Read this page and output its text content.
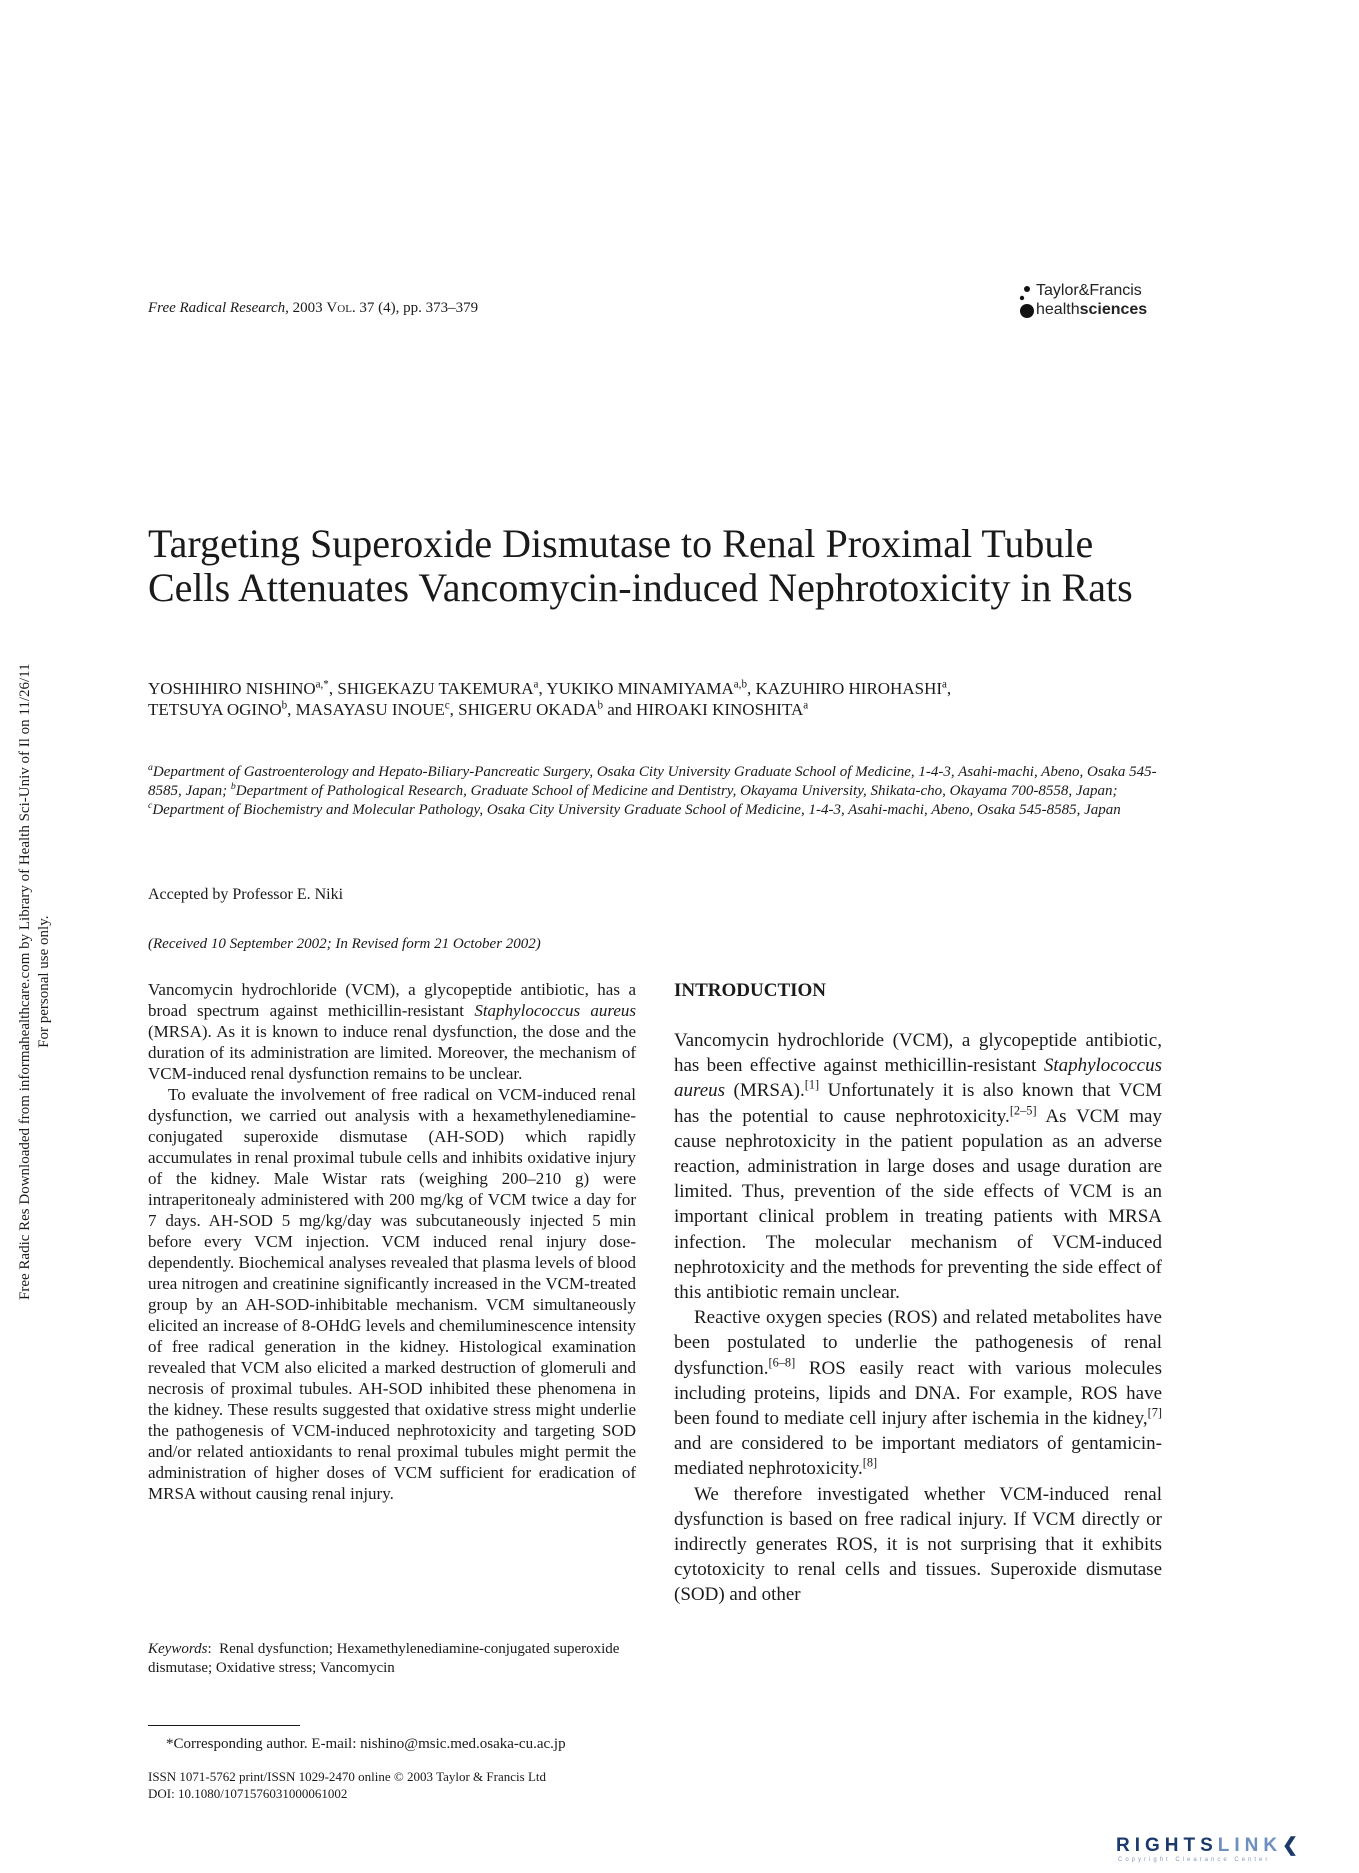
Free Radic Res Downloaded from informahealthcare.com by Library of Health Sci-Univ of Il on 11/26/11 For personal use only.
Free Radical Research, 2003 Vol. 37 (4), pp. 373–379
Taylor&Francis
healthsciences
Targeting Superoxide Dismutase to Renal Proximal Tubule Cells Attenuates Vancomycin-induced Nephrotoxicity in Rats
YOSHIHIRO $NISHINO^{a,*}$, SHIGEKAZU TAKEMURA$^a$, YUKIKO MINAMIYAMA$^{a,b}$, KAZUHIRO HIROHASHI$^a$,
TETSUYA OGINO$^b$, MASAYASU INOUE$^c$, SHIGERU OKADA$^b$ and HIROAKI KINOSHITA$^a$
$^a$Department of Gastroenterology and Hepato-Biliary-Pancreatic Surgery, Osaka City University Graduate School of Medicine, 1-4-3, Asahi-machi, Abeno, Osaka 545-8585, Japan; $^b$Department of Pathological Research, Graduate School of Medicine and Dentistry, Okayama University, Shikata-cho, Okayama 700-8558, Japan; $^c$Department of Biochemistry and Molecular Pathology, Osaka City University Graduate School of Medicine, 1-4-3, Asahi-machi, Abeno, Osaka 545-8585, Japan
Accepted by Professor E. Niki
(Received 10 September 2002; In Revised form 21 October 2002)

Vancomycin hydrochloride (VCM), a glycopeptide antibiotic, has a broad spectrum against methicillin-resistant Staphylococcus aureus (MRSA). As it is known to induce renal dysfunction, the dose and the duration of its administration are limited. Moreover, the mechanism of VCM-induced renal dysfunction remains to be unclear.

To evaluate the involvement of free radical on VCM-induced renal dysfunction, we carried out analysis with a hexamethylenediamine-conjugated superoxide dismutase (AH-SOD) which rapidly accumulates in renal proximal tubule cells and inhibits oxidative injury of the kidney. Male Wistar rats (weighing 200–210 g) were intraperitonealy administered with 200 mg/kg of VCM twice a day for 7 days. AH-SOD 5 mg/kg/day was subcutaneously injected 5 min before every VCM injection. VCM induced renal injury dose-dependently. Biochemical analyses revealed that plasma levels of blood urea nitrogen and creatinine significantly increased in the VCM-treated group by an AH-SOD-inhibitable mechanism. VCM simultaneously elicited an increase of 8-OHdG levels and chemiluminescence intensity of free radical generation in the kidney. Histological examination revealed that VCM also elicited a marked destruction of glomeruli and necrosis of proximal tubules. AH-SOD inhibited these phenomena in the kidney. These results suggested that oxidative stress might underlie the pathogenesis of VCM-induced nephrotoxicity and targeting SOD and/or related antioxidants to renal proximal tubules might permit the administration of higher doses of VCM sufficient for eradication of MRSA without causing renal injury.

Keywords: Renal dysfunction; Hexamethylenediamine-conjugated superoxide dismutase; Oxidative stress; Vancomycin
*Corresponding author. E-mail: nishino@msic.med.osaka-cu.ac.jp
ISSN 1071-5762 print/ISSN 1029-2470 online © 2003 Taylor & Francis Ltd
DOI: 10.1080/1071576031000061002
INTRODUCTION

Vancomycin hydrochloride (VCM), a glycopeptide antibiotic, has been effective against methicillin-resistant Staphylococcus aureus (MRSA).[1] Unfortunately it is also known that VCM has the potential to cause nephrotoxicity.[2–5] As VCM may cause nephrotoxicity in the patient population as an adverse reaction, administration in large doses and usage duration are limited. Thus, prevention of the side effects of VCM is an important clinical problem in treating patients with MRSA infection. The molecular mechanism of VCM-induced nephrotoxicity and the methods for preventing the side effect of this antibiotic remain unclear.

Reactive oxygen species (ROS) and related metabolites have been postulated to underlie the pathogenesis of renal dysfunction.[6–8] ROS easily react with various molecules including proteins, lipids and DNA. For example, ROS have been found to mediate cell injury after ischemia in the kidney,[7] and are considered to be important mediators of gentamicin-mediated nephrotoxicity.[8]

We therefore investigated whether VCM-induced renal dysfunction is based on free radical injury. If VCM directly or indirectly generates ROS, it is not surprising that it exhibits cytotoxicity to renal cells and tissues. Superoxide dismutase (SOD) and other

RIGHTSLINK❮
Copyright Clearance Center
